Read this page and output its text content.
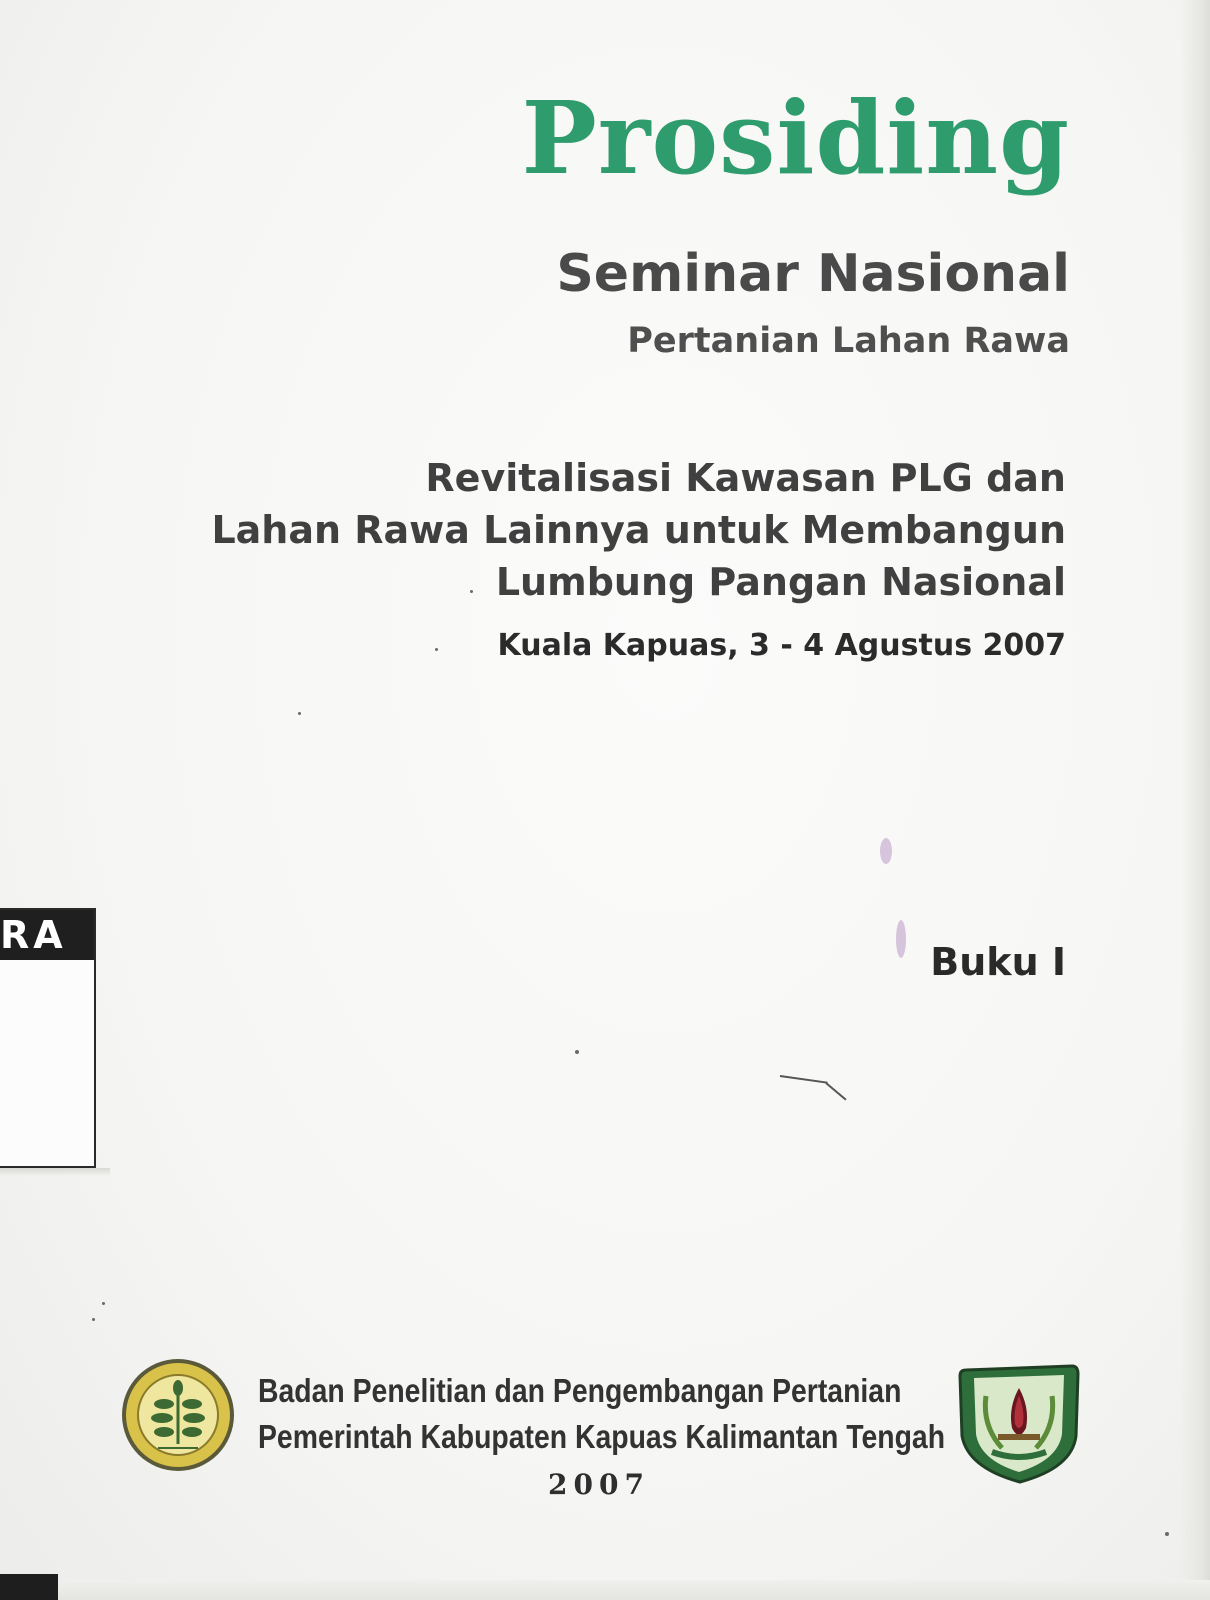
Prosiding
Seminar Nasional
Pertanian Lahan Rawa
Revitalisasi Kawasan PLG dan
Lahan Rawa Lainnya untuk Membangun
Lumbung Pangan Nasional
Kuala Kapuas, 3 - 4 Agustus 2007
Buku I
RA
Badan Penelitian dan Pengembangan Pertanian
Pemerintah Kabupaten Kapuas Kalimantan Tengah
2007
